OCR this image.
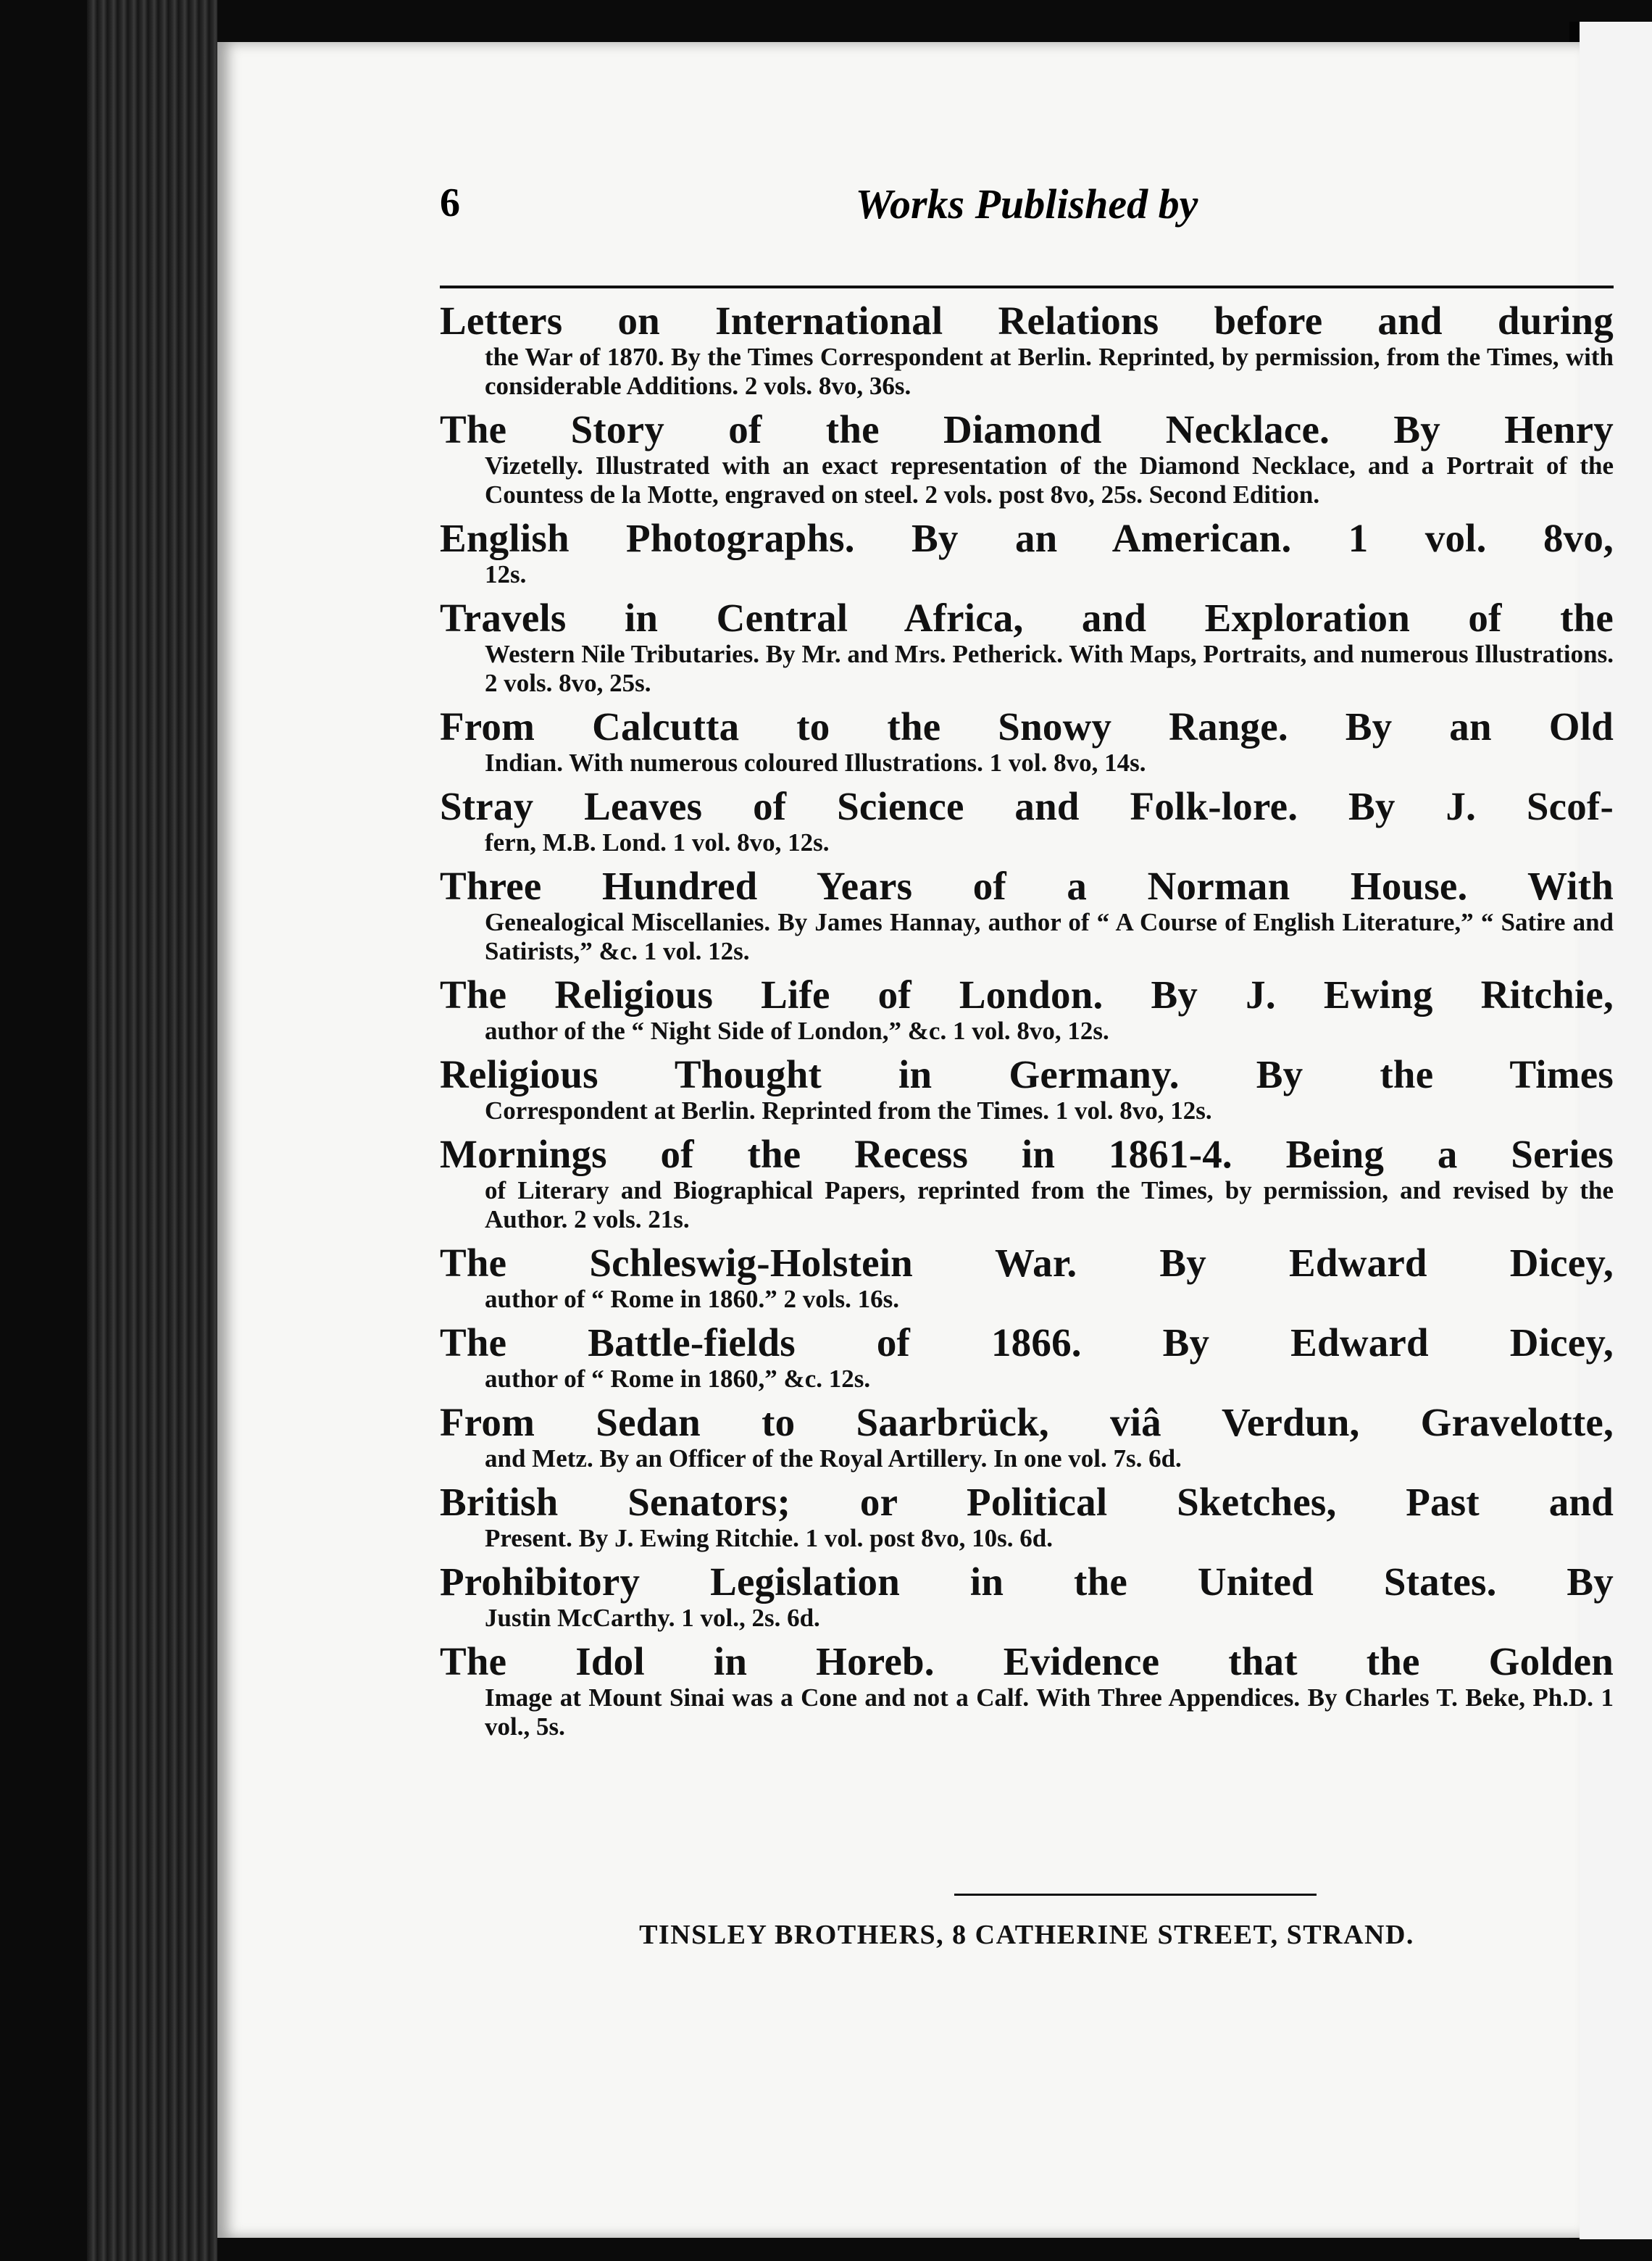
6	Works Published by
Letters on International Relations before and during
the War of 1870. By the Times Correspondent at Berlin. Reprinted, by permission, from the Times, with considerable Additions. 2 vols. 8vo, 36s.
The Story of the Diamond Necklace. By Henry
Vizetelly. Illustrated with an exact representation of the Diamond Necklace, and a Portrait of the Countess de la Motte, engraved on steel. 2 vols. post 8vo, 25s. Second Edition.
English Photographs. By an American. 1 vol. 8vo,
12s.
Travels in Central Africa, and Exploration of the
Western Nile Tributaries. By Mr. and Mrs. Petherick. With Maps, Portraits, and numerous Illustrations. 2 vols. 8vo, 25s.
From Calcutta to the Snowy Range. By an Old
Indian. With numerous coloured Illustrations. 1 vol. 8vo, 14s.
Stray Leaves of Science and Folk-lore. By J. Scof-
fern, M.B. Lond. 1 vol. 8vo, 12s.
Three Hundred Years of a Norman House. With
Genealogical Miscellanies. By James Hannay, author of “ A Course of English Literature,” “ Satire and Satirists,” &c. 1 vol. 12s.
The Religious Life of London. By J. Ewing Ritchie,
author of the “ Night Side of London,” &c. 1 vol. 8vo, 12s.
Religious Thought in Germany. By the Times
Correspondent at Berlin. Reprinted from the Times. 1 vol. 8vo, 12s.
Mornings of the Recess in 1861-4. Being a Series
of Literary and Biographical Papers, reprinted from the Times, by permission, and revised by the Author. 2 vols. 21s.
The Schleswig-Holstein War. By Edward Dicey,
author of “ Rome in 1860.” 2 vols. 16s.
The Battle-fields of 1866. By Edward Dicey,
author of “ Rome in 1860,” &c. 12s.
From Sedan to Saarbrück, viâ Verdun, Gravelotte,
and Metz. By an Officer of the Royal Artillery. In one vol. 7s. 6d.
British Senators; or Political Sketches, Past and
Present. By J. Ewing Ritchie. 1 vol. post 8vo, 10s. 6d.
Prohibitory Legislation in the United States. By
Justin McCarthy. 1 vol., 2s. 6d.
The Idol in Horeb. Evidence that the Golden
Image at Mount Sinai was a Cone and not a Calf. With Three Appendices. By Charles T. Beke, Ph.D. 1 vol., 5s.
TINSLEY BROTHERS, 8 CATHERINE STREET, STRAND.
